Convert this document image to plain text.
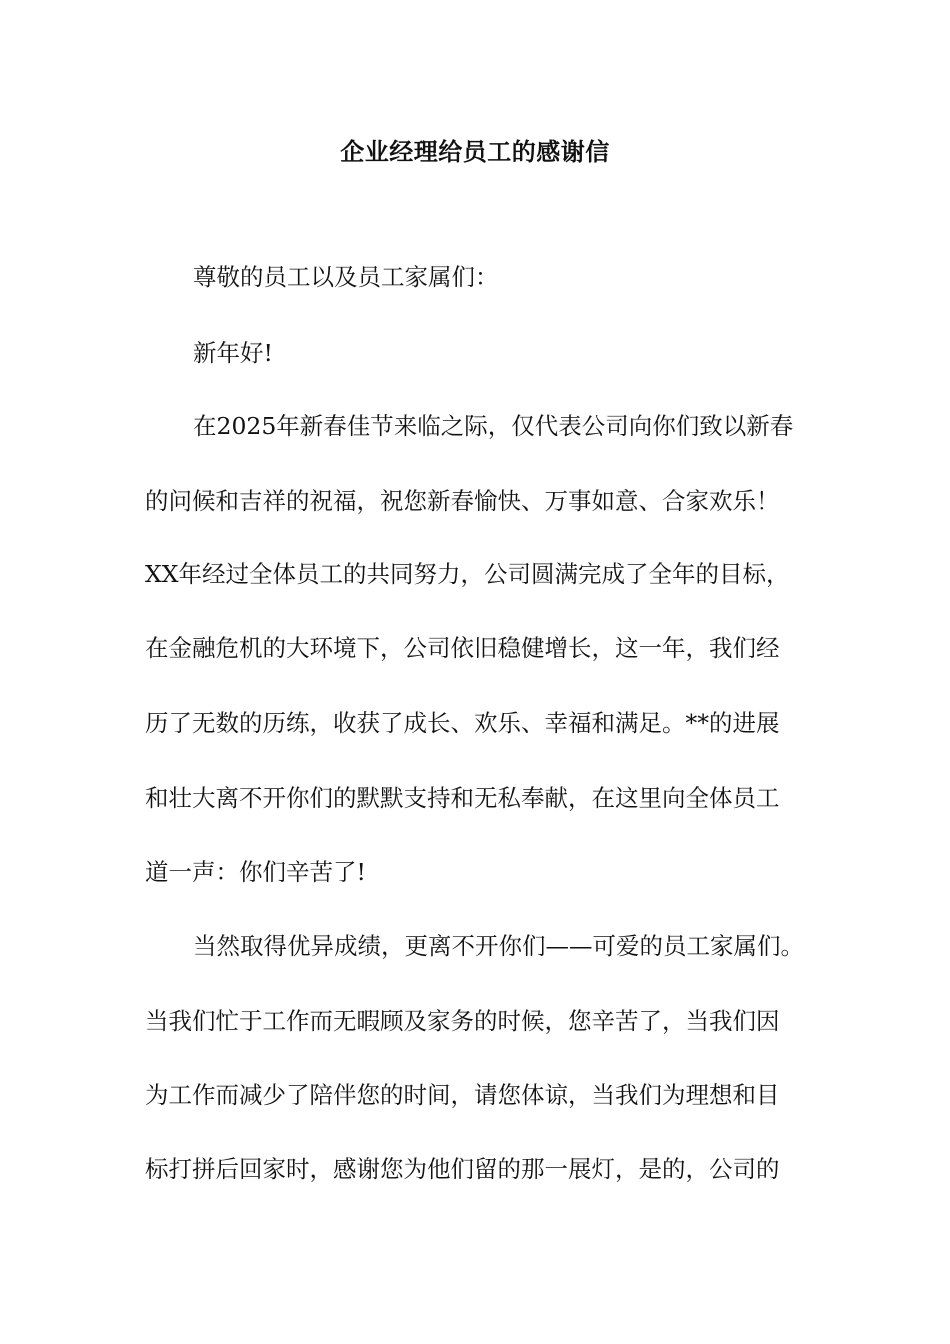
企业经理给员工的感谢信
尊敬的员工以及员工家属们：
新年好!
在2025年新春佳节来临之际，仅代表公司向你们致以新春
的问候和吉祥的祝福，祝您新春愉快、万事如意、合家欢乐！
XX年经过全体员工的共同努力，公司圆满完成了全年的目标，
在金融危机的大环境下，公司依旧稳健增长，这一年，我们经
历了无数的历练，收获了成长、欢乐、幸福和满足。**的进展
和壮大离不开你们的默默支持和无私奉献，在这里向全体员工
道一声：你们辛苦了!
当然取得优异成绩，更离不开你们——可爱的员工家属们。
当我们忙于工作而无暇顾及家务的时候，您辛苦了，当我们因
为工作而减少了陪伴您的时间，请您体谅，当我们为理想和目
标打拼后回家时，感谢您为他们留的那一展灯，是的，公司的
